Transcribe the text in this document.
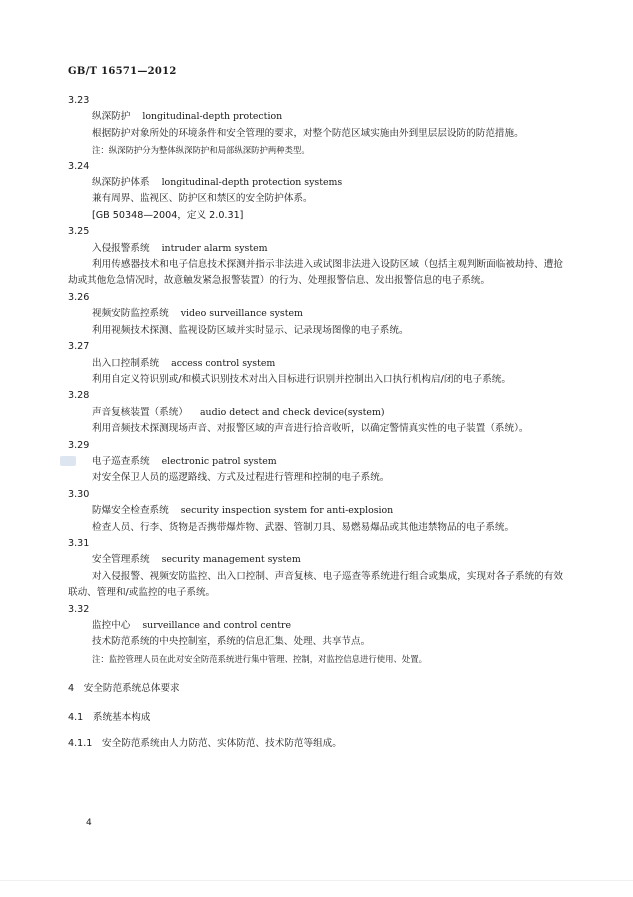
GB/T 16571—2012

3.23

纵深防护 longitudinal-depth protection

根据防护对象所处的环境条件和安全管理的要求，对整个防范区域实施由外到里层层设防的防范措施。

注：纵深防护分为整体纵深防护和局部纵深防护两种类型。

3.24

纵深防护体系 longitudinal-depth protection systems

兼有周界、监视区、防护区和禁区的安全防护体系。

[GB 50348—2004，定义 2.0.31]

3.25

入侵报警系统 intruder alarm system

利用传感器技术和电子信息技术探测并指示非法进入或试图非法进入设防区域（包括主观判断面临被劫持、遭抢劫或其他危急情况时，故意触发紧急报警装置）的行为、处理报警信息、发出报警信息的电子系统。

3.26

视频安防监控系统 video surveillance system

利用视频技术探测、监视设防区域并实时显示、记录现场图像的电子系统。

3.27

出入口控制系统 access control system

利用自定义符识别或/和模式识别技术对出入目标进行识别并控制出入口执行机构启/闭的电子系统。

3.28

声音复核装置（系统） audio detect and check device(system)

利用音频技术探测现场声音、对报警区域的声音进行拾音收听，以确定警情真实性的电子装置（系统）。

3.29

电子巡查系统 electronic patrol system

对安全保卫人员的巡逻路线、方式及过程进行管理和控制的电子系统。

3.30

防爆安全检查系统 security inspection system for anti-explosion

检查人员、行李、货物是否携带爆炸物、武器、管制刀具、易燃易爆品或其他违禁物品的电子系统。

3.31

安全管理系统 security management system

对入侵报警、视频安防监控、出入口控制、声音复核、电子巡查等系统进行组合或集成，实现对各子系统的有效联动、管理和/或监控的电子系统。

3.32

监控中心 surveillance and control centre

技术防范系统的中央控制室，系统的信息汇集、处理、共享节点。

注：监控管理人员在此对安全防范系统进行集中管理、控制，对监控信息进行使用、处置。

4　安全防范系统总体要求

4.1　系统基本构成

4.1.1　安全防范系统由人力防范、实体防范、技术防范等组成。

4
